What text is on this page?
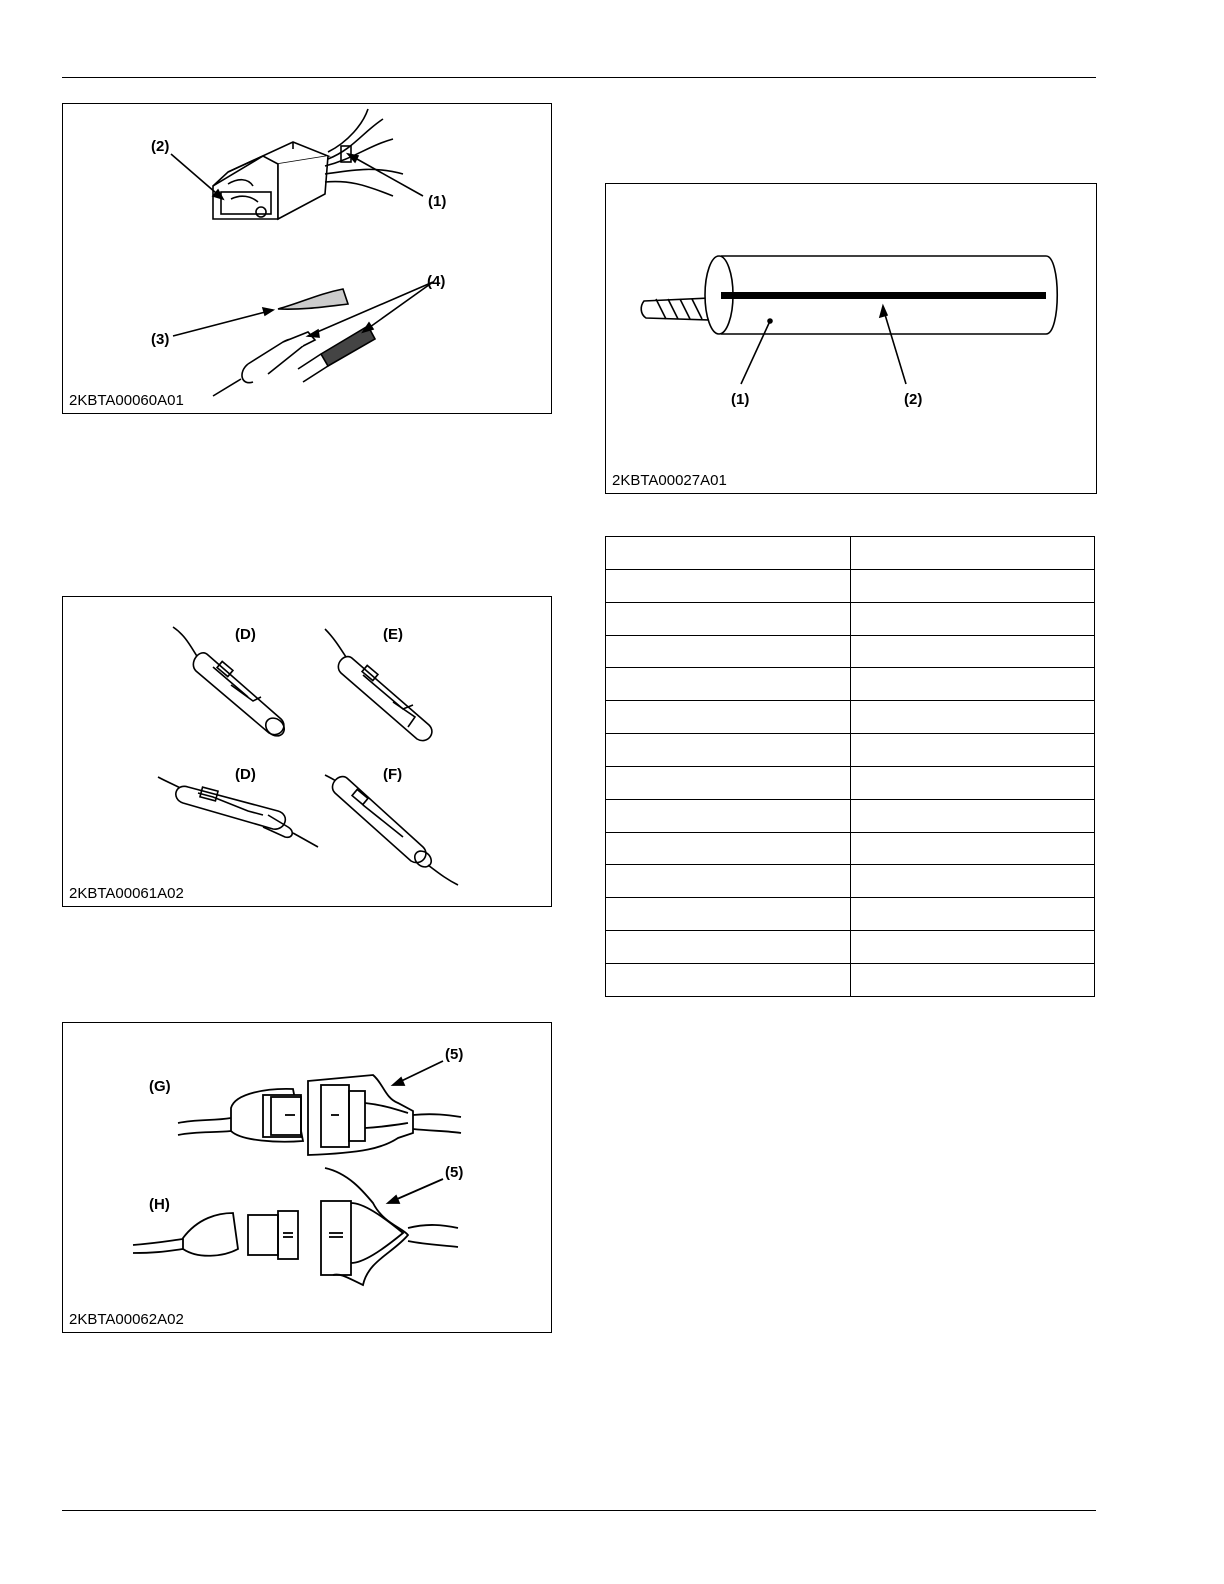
(2)
(1)
(3)
(4)
2KBTA00060A01
(D)	(E)
(D)	(F)
2KBTA00061A02
(5)
(G)
(5)
(H)
2KBTA00062A02
(1)	(2)
2KBTA00027A01
